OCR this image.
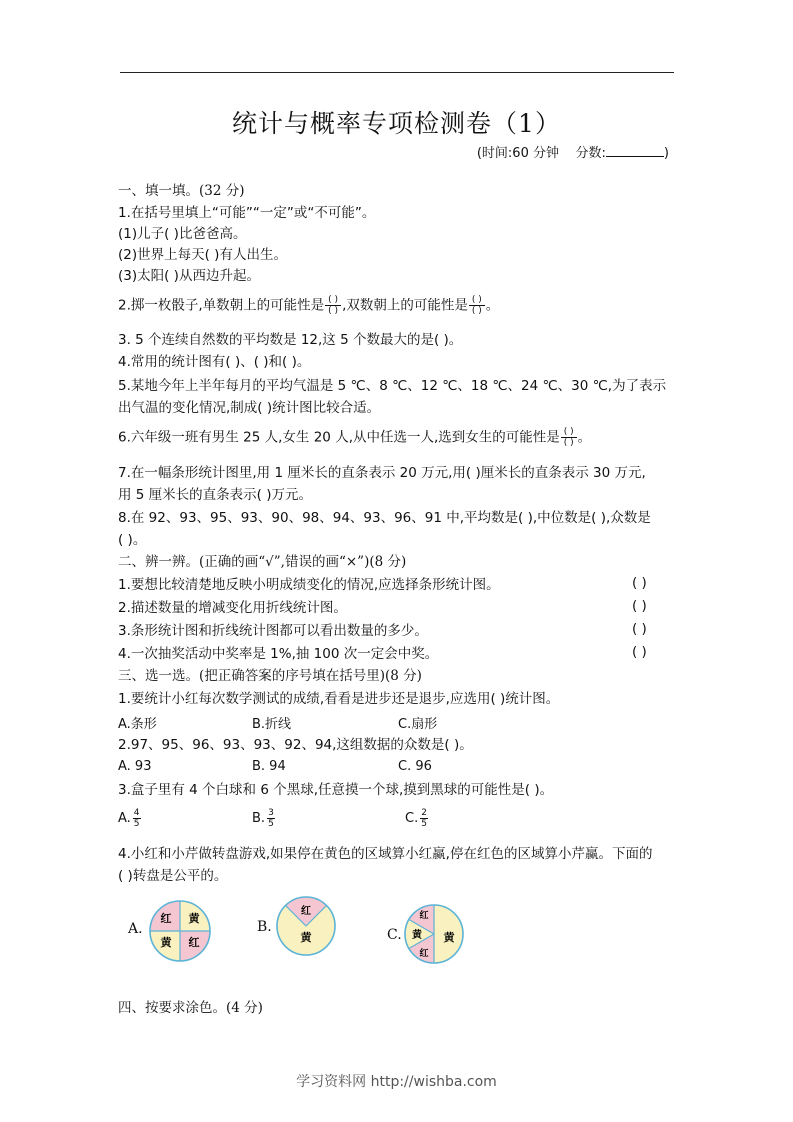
统计与概率专项检测卷（1）
(时间:60 分钟 分数:	)
一、填一填。(32 分)
1.在括号里填上“可能”“一定”或“不可能”。
(1)儿子( )比爸爸高。
(2)世界上每天( )有人出生。
(3)太阳( )从西边升起。
2.掷一枚骰子,单数朝上的可能性是 $\frac{( )}{( )}$ ,双数朝上的可能性是 $\frac{( )}{( )}$ 。
3. 5 个连续自然数的平均数是 12,这 5 个数最大的是( )。
4.常用的统计图有( )、( )和( )。
5.某地今年上半年每月的平均气温是 5 ℃、8 ℃、12 ℃、18 ℃、24 ℃、30 ℃,为了表示
出气温的变化情况,制成( )统计图比较合适。
6.六年级一班有男生 25 人,女生 20 人,从中任选一人,选到女生的可能性是 $\frac{( )}{( )}$ 。
7.在一幅条形统计图里,用 1 厘米长的直条表示 20 万元,用( )厘米长的直条表示 30 万元,
用 5 厘米长的直条表示( )万元。
8.在 92、93、95、93、90、98、94、93、96、91 中,平均数是( ),中位数是( ),众数是
( )。
二、辨一辨。(正确的画“√”,错误的画“×”)(8 分)
1.要想比较清楚地反映小明成绩变化的情况,应选择条形统计图。	( )
2.描述数量的增减变化用折线统计图。	( )
3.条形统计图和折线统计图都可以看出数量的多少。	( )
4.一次抽奖活动中奖率是 1%,抽 100 次一定会中奖。	( )
三、选一选。(把正确答案的序号填在括号里)(8 分)
1.要统计小红每次数学测试的成绩,看看是进步还是退步,应选用( )统计图。
A.条形	B.折线	C.扇形
2.97、95、96、93、93、92、94,这组数据的众数是( )。
A. 93	B. 94	C. 96
3.盒子里有 4 个白球和 6 个黑球,任意摸一个球,摸到黑球的可能性是( )。
A. $\frac{4}{5}$	B. $\frac{3}{5}$	C. $\frac{2}{5}$
4.小红和小芹做转盘游戏,如果停在黄色的区域算小红赢,停在红色的区域算小芹赢。下面的
( )转盘是公平的。
A.
红 黄
黄 红
B.
红
黄	C.
红
黄
红
黄
四、按要求涂色。(4 分)
学习资料网 http://wishba.com
